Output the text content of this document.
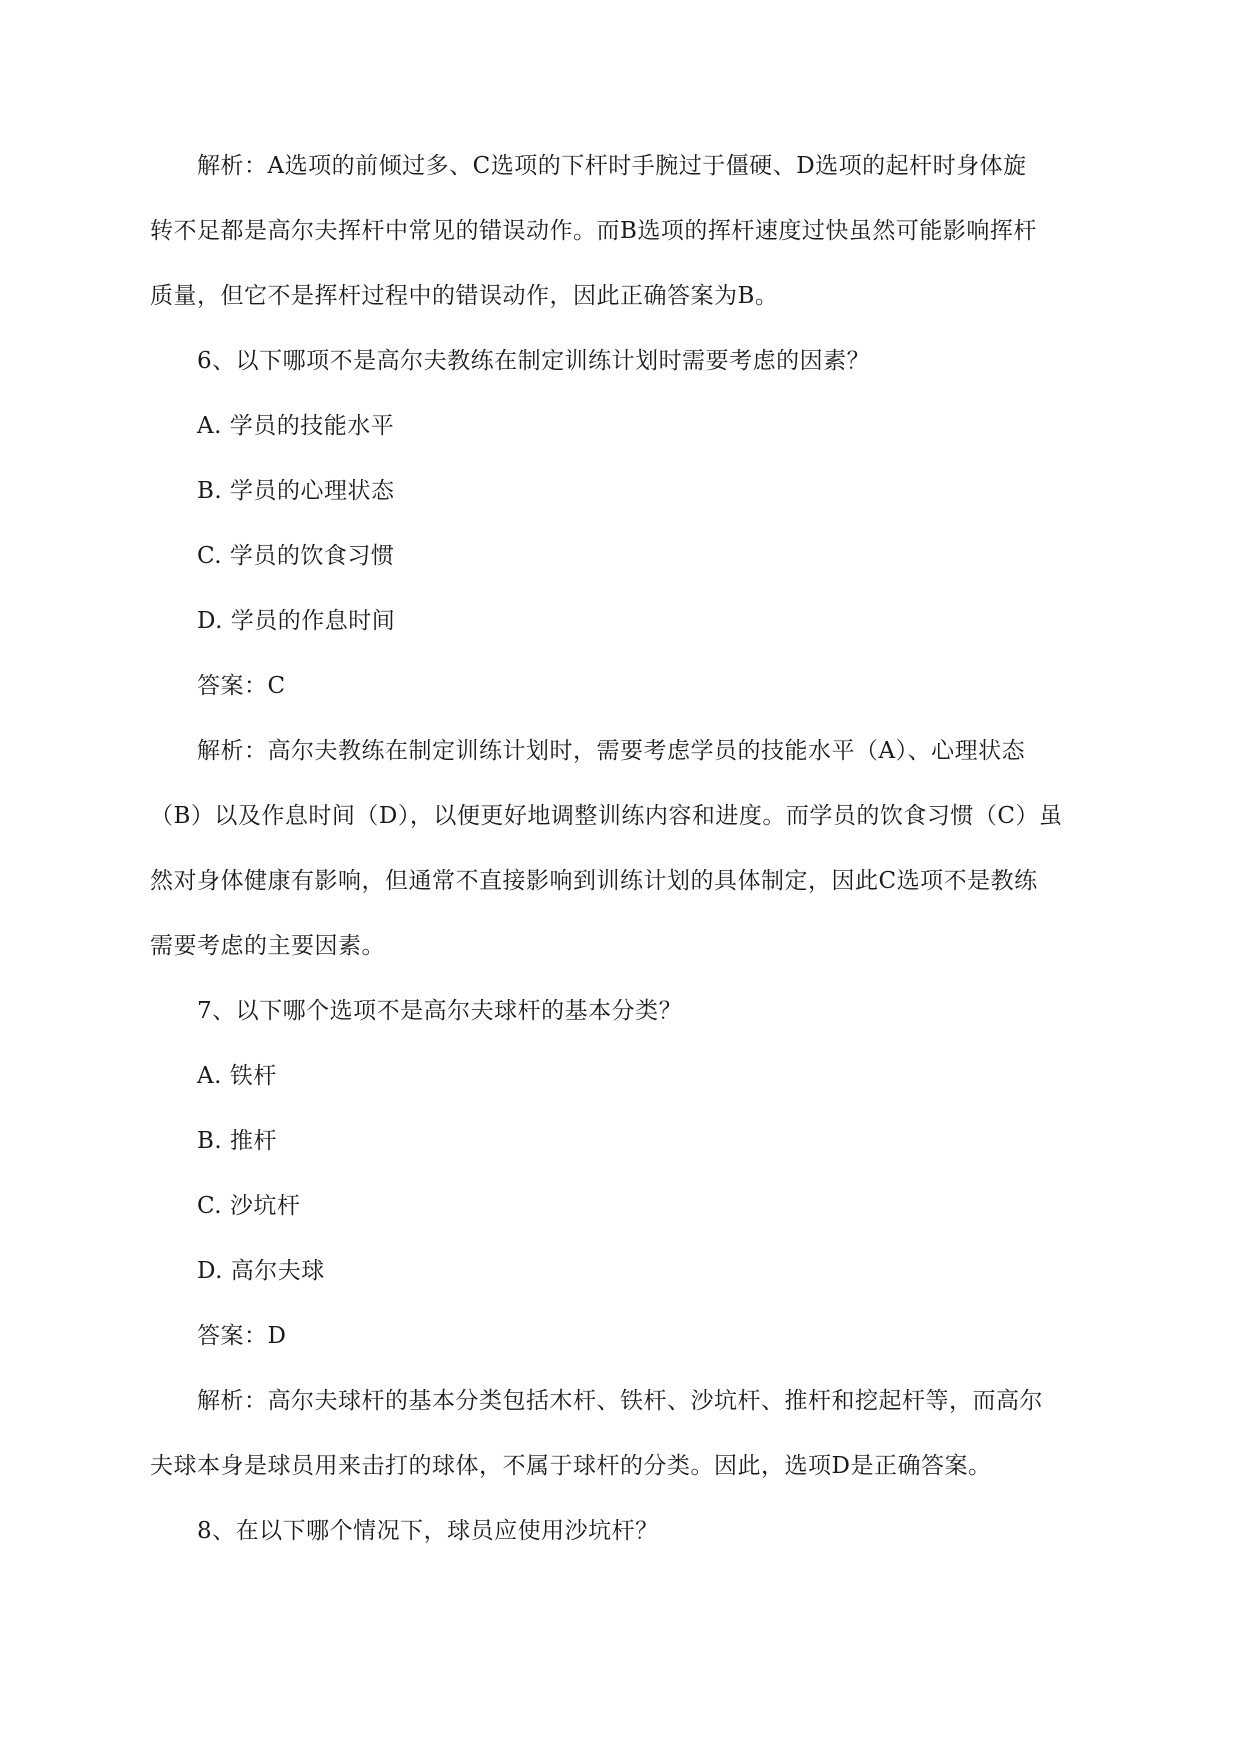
解析：A选项的前倾过多、C选项的下杆时手腕过于僵硬、D选项的起杆时身体旋
转不足都是高尔夫挥杆中常见的错误动作。而B选项的挥杆速度过快虽然可能影响挥杆
质量，但它不是挥杆过程中的错误动作，因此正确答案为B。
6、以下哪项不是高尔夫教练在制定训练计划时需要考虑的因素？
A. 学员的技能水平
B. 学员的心理状态
C. 学员的饮食习惯
D. 学员的作息时间
答案：C
解析：高尔夫教练在制定训练计划时，需要考虑学员的技能水平（A）、心理状态
（B）以及作息时间（D），以便更好地调整训练内容和进度。而学员的饮食习惯（C）虽
然对身体健康有影响，但通常不直接影响到训练计划的具体制定，因此C选项不是教练
需要考虑的主要因素。
7、以下哪个选项不是高尔夫球杆的基本分类？
A. 铁杆
B. 推杆
C. 沙坑杆
D. 高尔夫球
答案：D
解析：高尔夫球杆的基本分类包括木杆、铁杆、沙坑杆、推杆和挖起杆等，而高尔
夫球本身是球员用来击打的球体，不属于球杆的分类。因此，选项D是正确答案。
8、在以下哪个情况下，球员应使用沙坑杆？
